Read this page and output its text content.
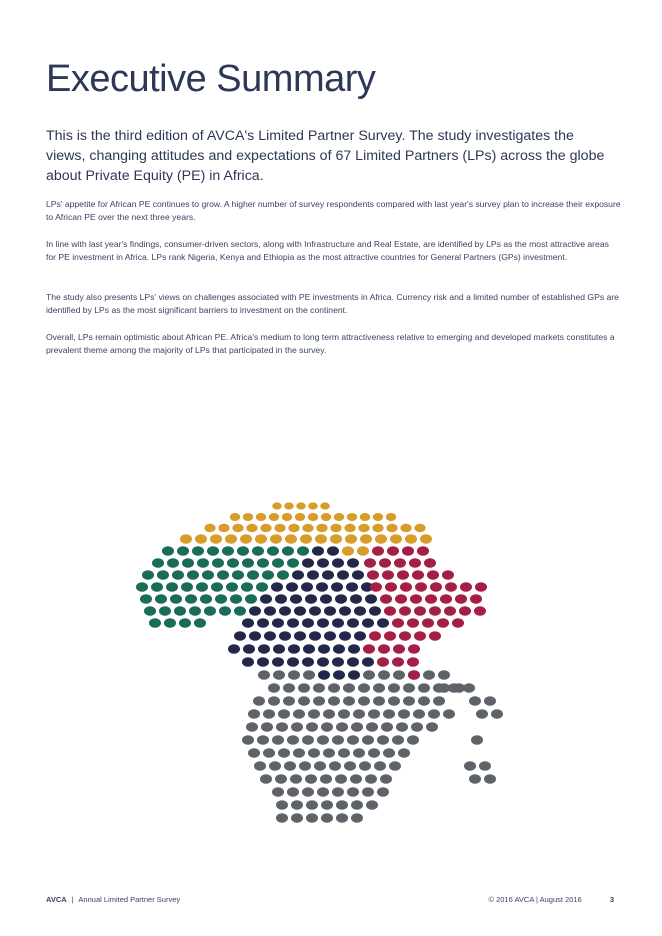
Executive Summary

This is the third edition of AVCA's Limited Partner Survey. The study investigates the views, changing attitudes and expectations of 67 Limited Partners (LPs) across the globe about Private Equity (PE) in Africa.

LPs' appetite for African PE continues to grow. A higher number of survey respondents compared with last year's survey plan to increase their exposure to African PE over the next three years.

In line with last year's findings, consumer-driven sectors, along with Infrastructure and Real Estate, are identified by LPs as the most attractive areas for PE investment in Africa. LPs rank Nigeria, Kenya and Ethiopia as the most attractive countries for General Partners (GPs) investment.

The study also presents LPs' views on challenges associated with PE investments in Africa. Currency risk and a limited number of established GPs are identified by LPs as the most significant barriers to investment on the continent.

Overall, LPs remain optimistic about African PE. Africa's medium to long term attractiveness relative to emerging and developed markets constitutes a prevalent theme among the majority of LPs that participated in the survey.

AVCA | Annual Limited Partner Survey	© 2016 AVCA | August 2016	3
